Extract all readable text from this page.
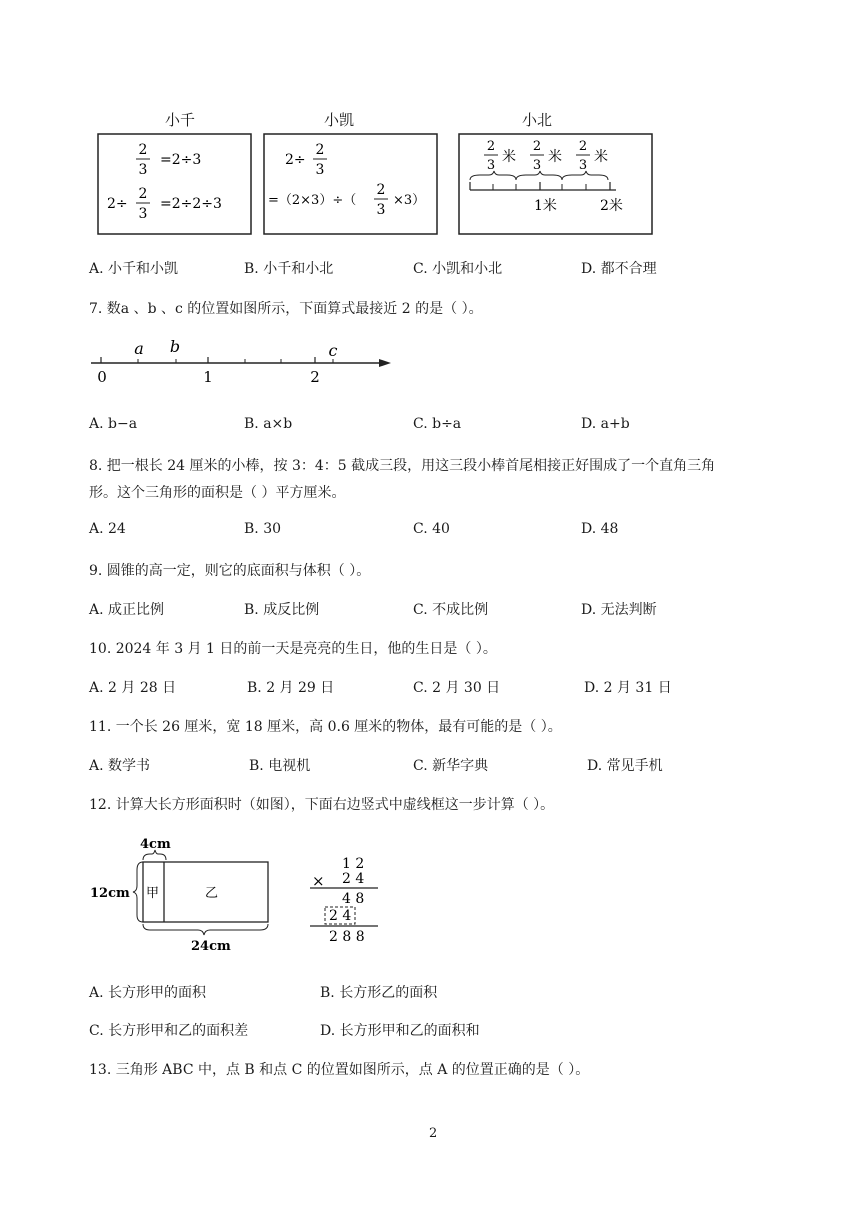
小千	小凯	小北
2
3
=2÷3
2÷
2
3
=2÷2÷3
2÷
2
3
=（2×3）÷（
2
3
×3）
2
3
米
2
3
米
2
3
米
1米	2米
A. 小千和小凯	B. 小千和小北	C. 小凯和小北	D. 都不合理
7. 数a 、b 、c 的位置如图所示，下面算式最接近 2 的是（ ）。
a b	c
0	1	2
A. b−a	B. a×b	C. b÷a	D. a+b
8. 把一根长 24 厘米的小棒，按 3：4：5 截成三段，用这三段小棒首尾相接正好围成了一个直角三角
形。这个三角形的面积是（ ）平方厘米。
A. 24	B. 30	C. 40	D. 48
9. 圆锥的高一定，则它的底面积与体积（ ）。
A. 成正比例	B. 成反比例	C. 不成比例	D. 无法判断
10. 2024 年 3 月 1 日的前一天是亮亮的生日，他的生日是（ ）。
A. 2 月 28 日	B. 2 月 29 日	C. 2 月 30 日	D. 2 月 31 日
11. 一个长 26 厘米，宽 18 厘米，高 0.6 厘米的物体，最有可能的是（ ）。
A. 数学书	B. 电视机	C. 新华字典	D. 常见手机
12. 计算大长方形面积时（如图），下面右边竖式中虚线框这一步计算（ ）。
4cm
12cm 甲	乙
24cm
1 2
× 2 4
4 8
2 4
2 8 8
A. 长方形甲的面积	B. 长方形乙的面积
C. 长方形甲和乙的面积差	D. 长方形甲和乙的面积和
13. 三角形 ABC 中，点 B 和点 C 的位置如图所示，点 A 的位置正确的是（ ）。
2
